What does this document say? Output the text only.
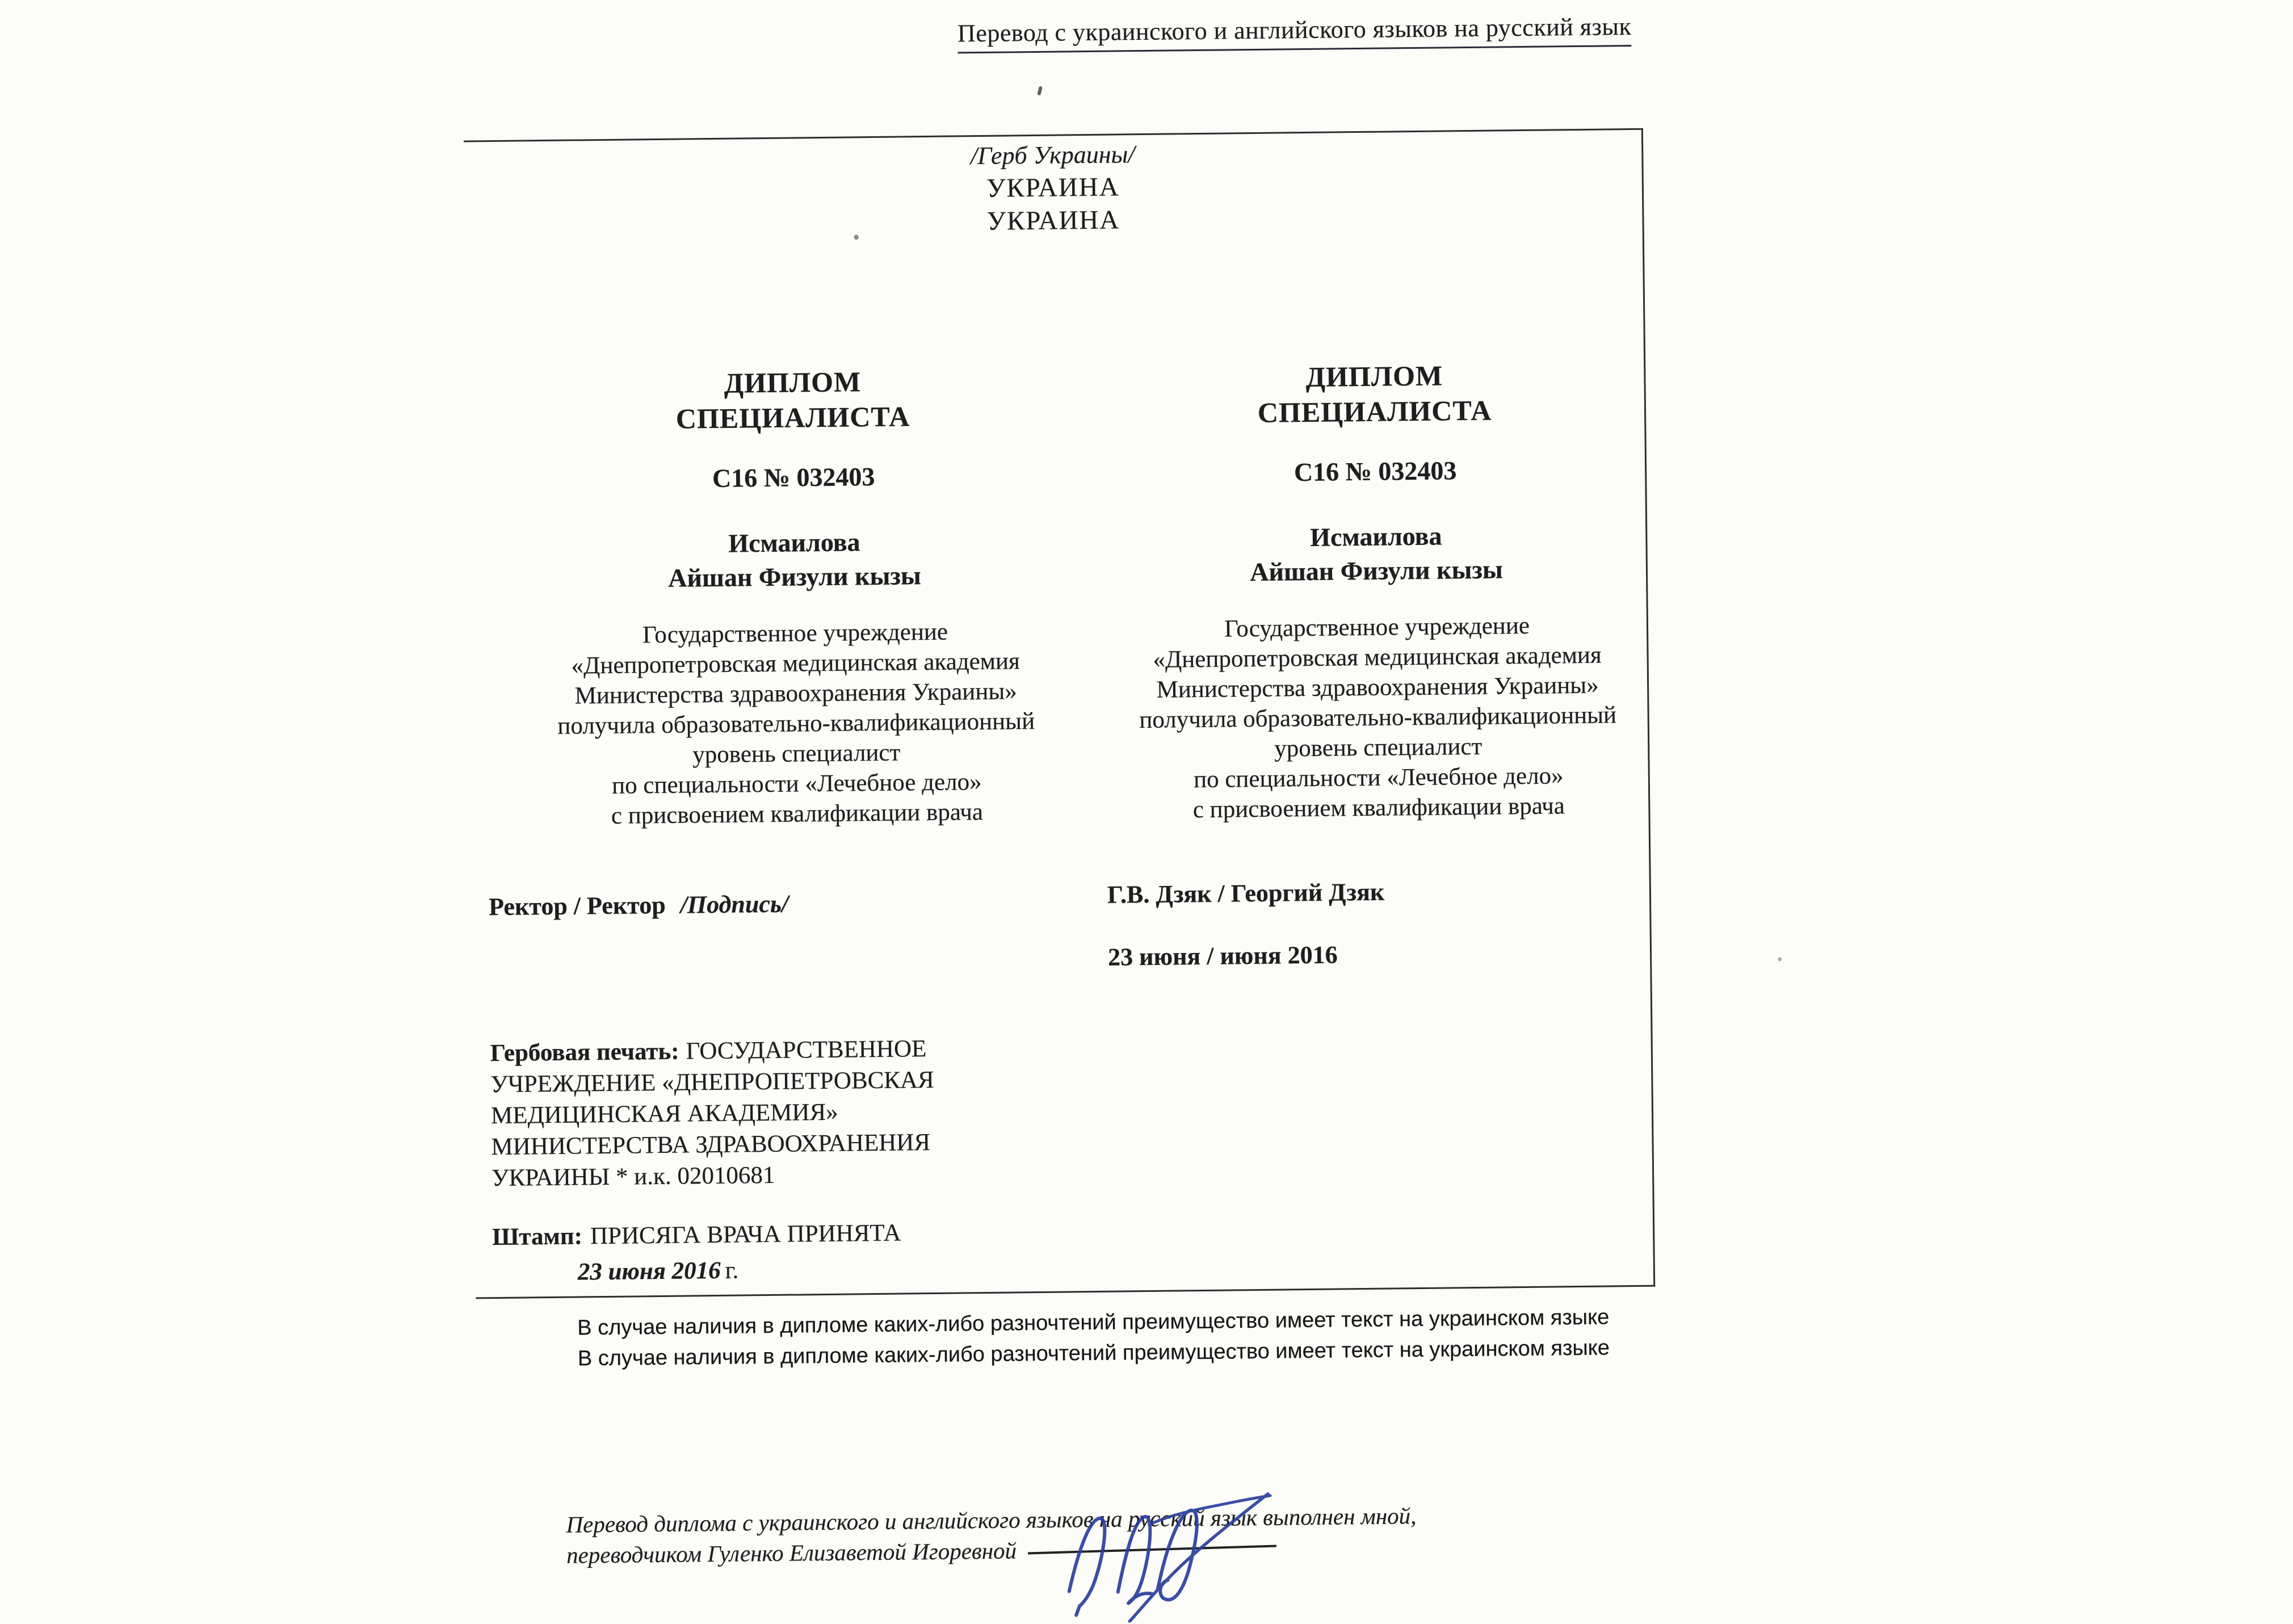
Перевод с украинского и английского языков на русский язык
/Герб Украины/
УКРАИНА
УКРАИНА
ДИПЛОМ
СПЕЦИАЛИСТА
С16 № 032403
Исмаилова
Айшан Физули кызы
Государственное учреждение
«Днепропетровская медицинская академия
Министерства здравоохранения Украины»
получила образовательно-квалификационный
уровень специалист
по специальности «Лечебное дело»
с присвоением квалификации врача
Ректор / Ректор /Подпись/
Гербовая печать: ГОСУДАРСТВЕННОЕ УЧРЕЖДЕНИЕ «ДНЕПРОПЕТРОВСКАЯ МЕДИЦИНСКАЯ АКАДЕМИЯ» МИНИСТЕРСТВА ЗДРАВООХРАНЕНИЯ УКРАИНЫ * и.к. 02010681
Штамп: ПРИСЯГА ВРАЧА ПРИНЯТА
23 июня 2016 г.
ДИПЛОМ
СПЕЦИАЛИСТА
С16 № 032403
Исмаилова
Айшан Физули кызы
Государственное учреждение
«Днепропетровская медицинская академия
Министерства здравоохранения Украины»
получила образовательно-квалификационный
уровень специалист
по специальности «Лечебное дело»
с присвоением квалификации врача
Г.В. Дзяк / Георгий Дзяк
23 июня / июня 2016
В случае наличия в дипломе каких-либо разночтений преимущество имеет текст на украинском языке
В случае наличия в дипломе каких-либо разночтений преимущество имеет текст на украинском языке
Перевод диплома с украинского и английского языков на русский язык выполнен мной,
переводчиком Гуленко Елизаветой Игоревной
